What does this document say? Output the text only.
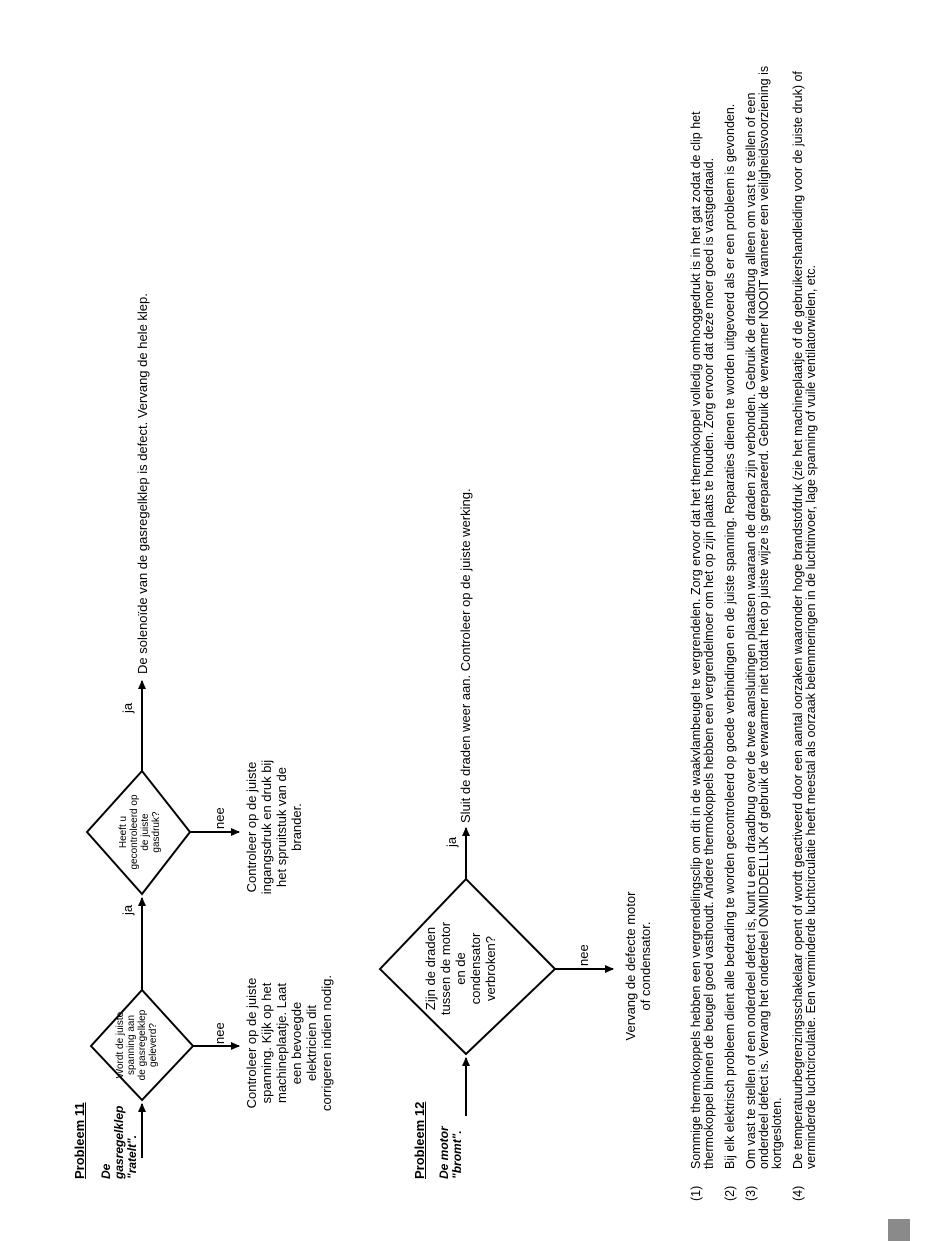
Probleem 11 De gasregelklep "ratelt".
Wordt de juiste spanning aan de gasregelklep geleverd?
ja
nee Controleer op de juiste spanning. Kijk op het machineplaatje. Laat een bevoegde elektricien dit corrigeren indien nodig.
Heeft u gecontroleerd op de juiste gasdruk?	nee Controleer op de juiste ingangsdruk en druk bij het spruitstuk van de brander.
ja
De solenoïde van de gasregelklep is defect. Vervang de hele klep.
Probleem 12 De motor "bromt".
Zijn de draden tussen de motor en de condensator verbroken?
ja
Sluit de draden weer aan. Controleer op de juiste werking.
nee Vervang de defecte motor of condensator.
(1)
Sommige thermokoppels hebben een vergrendelingsclip om dit in de waakvlambeugel te vergrendelen. Zorg ervoor dat het thermokoppel volledig omhooggedrukt is in het gat zodat de clip het thermokoppel binnen de beugel goed vasthoudt. Andere thermokoppels hebben een vergrendelmoer om het op zijn plaats te houden. Zorg ervoor dat deze moer goed is vastgedraaid.
(2)
Bij elk elektrisch probleem dient alle bedrading te worden gecontroleerd op goede verbindingen en de juiste spanning. Reparaties dienen te worden uitgevoerd als er een probleem is gevonden.
(3)
Om vast te stellen of een onderdeel defect is, kunt u een draadbrug over de twee aansluitingen plaatsen waaraan de draden zijn verbonden. Gebruik de draadbrug alleen om vast te stellen of een onderdeel defect is. Vervang het onderdeel ONMIDDELLIJK of gebruik de verwarmer niet totdat het op juiste wijze is gerepareerd. Gebruik de verwarmer NOOIT wanneer een veiligheidsvoorziening is kortgesloten.
(4)
De temperatuurbegrenzingsschakelaar opent of wordt geactiveerd door een aantal oorzaken waaronder hoge brandstofdruk (zie het machineplaatje of de gebruikershandleiding voor de juiste druk) of verminderde luchtcirculatie. Een verminderde luchtcirculatie heeft meestal als oorzaak belemmeringen in de luchtinvoer, lage spanning of vuile ventilatorwielen, etc.
